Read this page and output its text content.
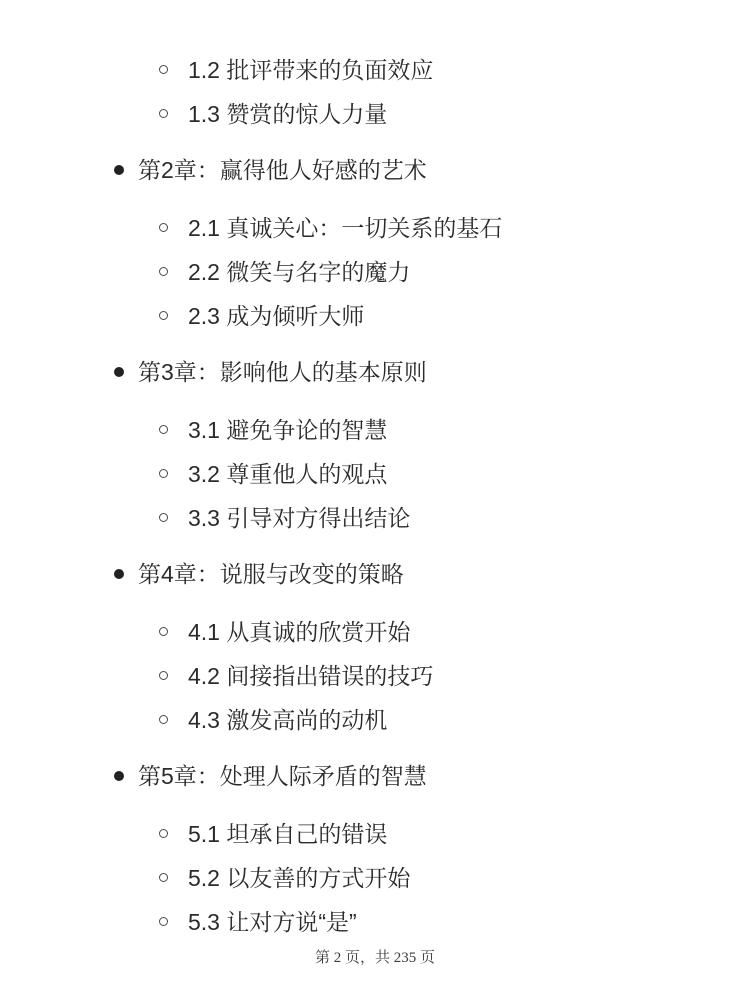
1.2 批评带来的负面效应
1.3 赞赏的惊人力量
第2章：赢得他人好感的艺术
2.1 真诚关心：一切关系的基石
2.2 微笑与名字的魔力
2.3 成为倾听大师
第3章：影响他人的基本原则
3.1 避免争论的智慧
3.2 尊重他人的观点
3.3 引导对方得出结论
第4章：说服与改变的策略
4.1 从真诚的欣赏开始
4.2 间接指出错误的技巧
4.3 激发高尚的动机
第5章：处理人际矛盾的智慧
5.1 坦承自己的错误
5.2 以友善的方式开始
5.3 让对方说“是”
第 2 页，共 235 页
